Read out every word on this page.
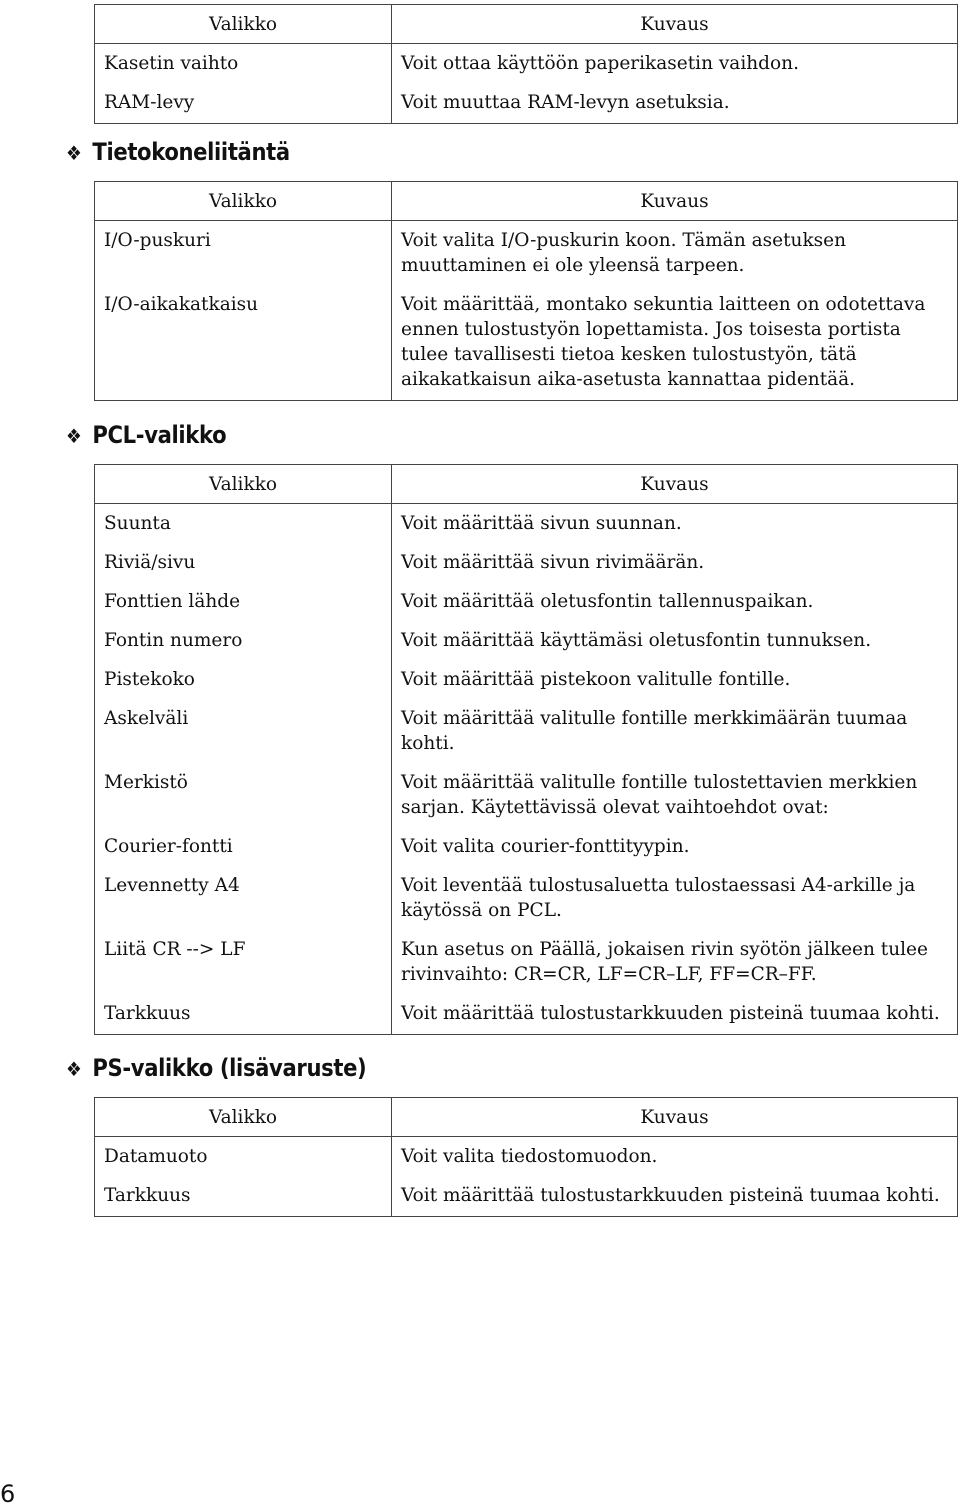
Valikko	Kuvaus
Kasetin vaihto	Voit ottaa käyttöön paperikasetin vaihdon.
RAM-levy	Voit muuttaa RAM-levyn asetuksia.
❖ Tietokoneliitäntä
Valikko	Kuvaus
I/O-puskuri	Voit valita I/O-puskurin koon. Tämän asetuksen muuttaminen ei ole yleensä tarpeen.
I/O-aikakatkaisu	Voit määrittää, montako sekuntia laitteen on odotettava ennen tulostustyön lopettamista. Jos toisesta portista tulee tavallisesti tietoa kesken tulostustyön, tätä aikakatkaisun aika-asetusta kannattaa pidentää.
❖ PCL-valikko
Valikko	Kuvaus
Suunta	Voit määrittää sivun suunnan.
Riviä/sivu	Voit määrittää sivun rivimäärän.
Fonttien lähde	Voit määrittää oletusfontin tallennuspaikan.
Fontin numero	Voit määrittää käyttämäsi oletusfontin tunnuksen.
Pistekoko	Voit määrittää pistekoon valitulle fontille.
Askelväli	Voit määrittää valitulle fontille merkkimäärän tuumaa kohti.
Merkistö	Voit määrittää valitulle fontille tulostettavien merkkien sarjan. Käytettävissä olevat vaihtoehdot ovat:
Courier-fontti	Voit valita courier-fonttityypin.
Levennetty A4	Voit leventää tulostusaluetta tulostaessasi A4-arkille ja käytössä on PCL.
Liitä CR --> LF	Kun asetus on Päällä, jokaisen rivin syötön jälkeen tulee rivinvaihto: CR=CR, LF=CR–LF, FF=CR–FF.
Tarkkuus	Voit määrittää tulostustarkkuuden pisteinä tuumaa kohti.
❖ PS-valikko (lisävaruste)
Valikko	Kuvaus
Datamuoto	Voit valita tiedostomuodon.
Tarkkuus	Voit määrittää tulostustarkkuuden pisteinä tuumaa kohti.
6
